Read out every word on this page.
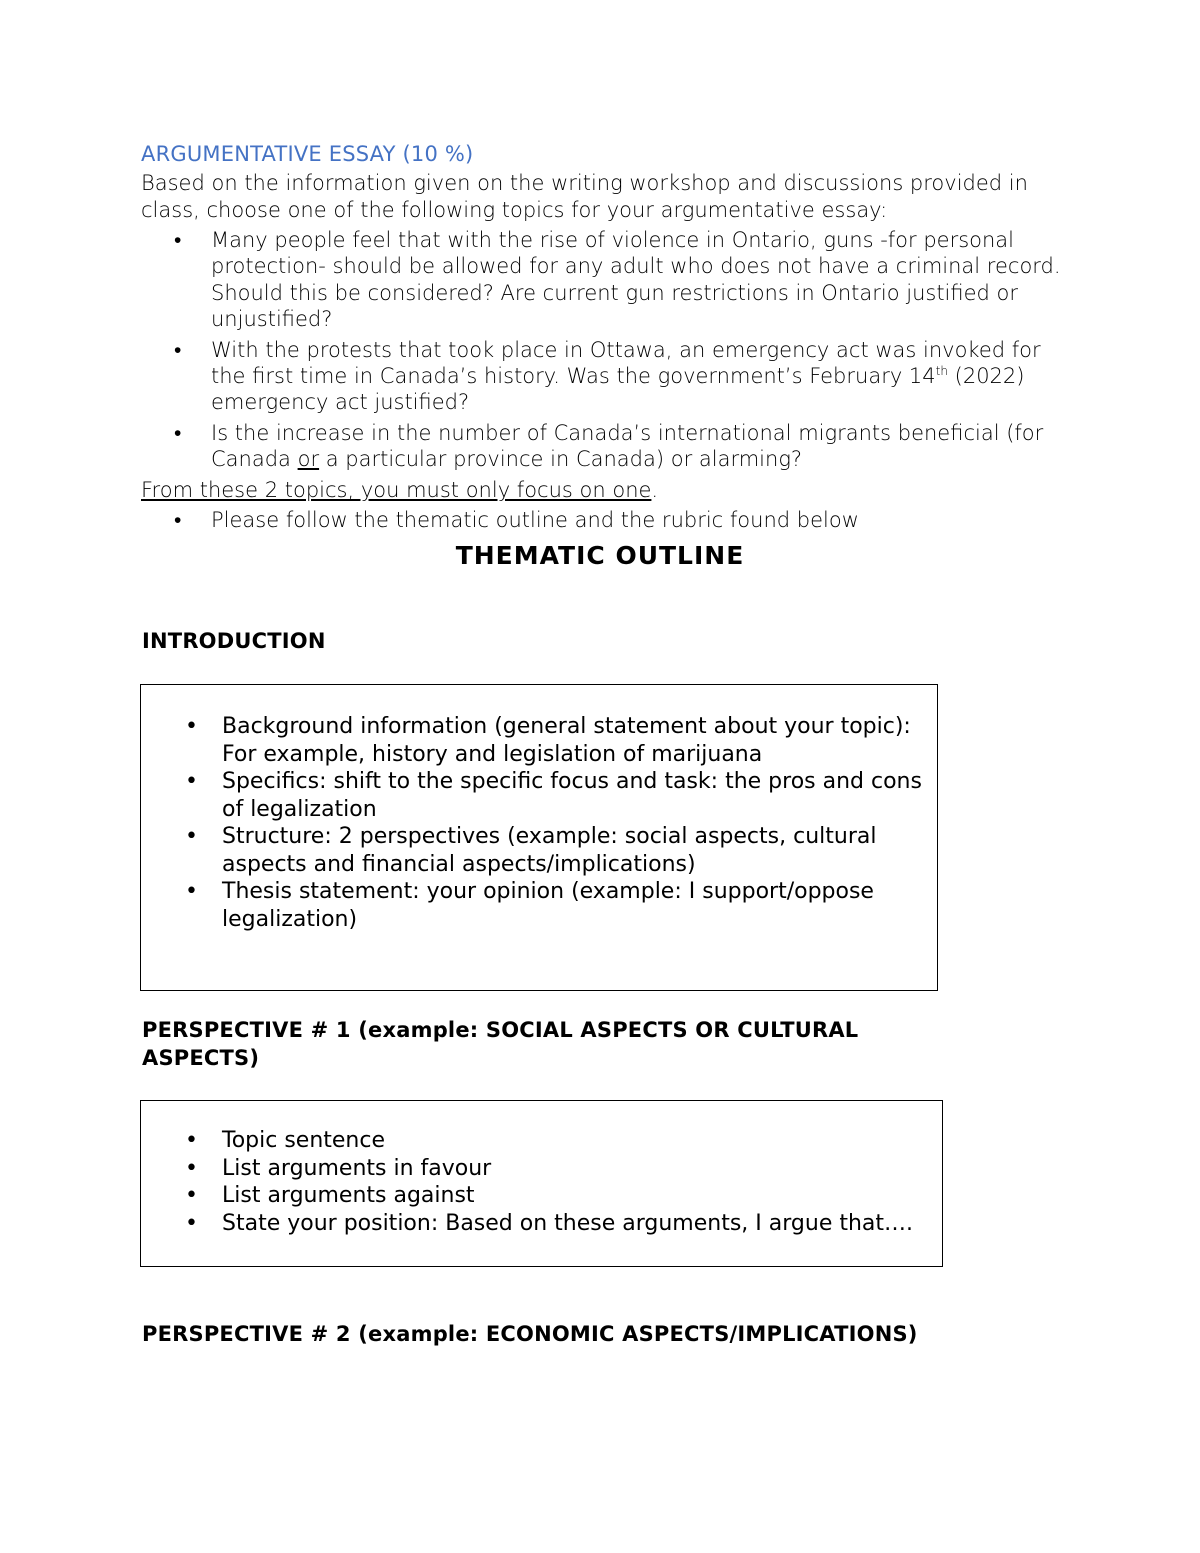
ARGUMENTATIVE ESSAY (10 %)

Based on the information given on the writing workshop and discussions provided in class, choose one of the following topics for your argumentative essay:

• Many people feel that with the rise of violence in Ontario, guns -for personal protection- should be allowed for any adult who does not have a criminal record. Should this be considered? Are current gun restrictions in Ontario justified or unjustified?
• With the protests that took place in Ottawa, an emergency act was invoked for the first time in Canada’s history. Was the government’s February 14th (2022) emergency act justified?
• Is the increase in the number of Canada’s international migrants beneficial (for Canada or a particular province in Canada) or alarming?

From these 2 topics, you must only focus on one.

• Please follow the thematic outline and the rubric found below

THEMATIC OUTLINE

INTRODUCTION

• Background information (general statement about your topic): For example, history and legislation of marijuana
• Specifics: shift to the specific focus and task: the pros and cons of legalization
• Structure: 2 perspectives (example: social aspects, cultural aspects and financial aspects/implications)
• Thesis statement: your opinion (example: I support/oppose legalization)

PERSPECTIVE # 1 (example: SOCIAL ASPECTS OR CULTURAL ASPECTS)

• Topic sentence
• List arguments in favour
• List arguments against
• State your position: Based on these arguments, I argue that….

PERSPECTIVE # 2 (example: ECONOMIC ASPECTS/IMPLICATIONS)
